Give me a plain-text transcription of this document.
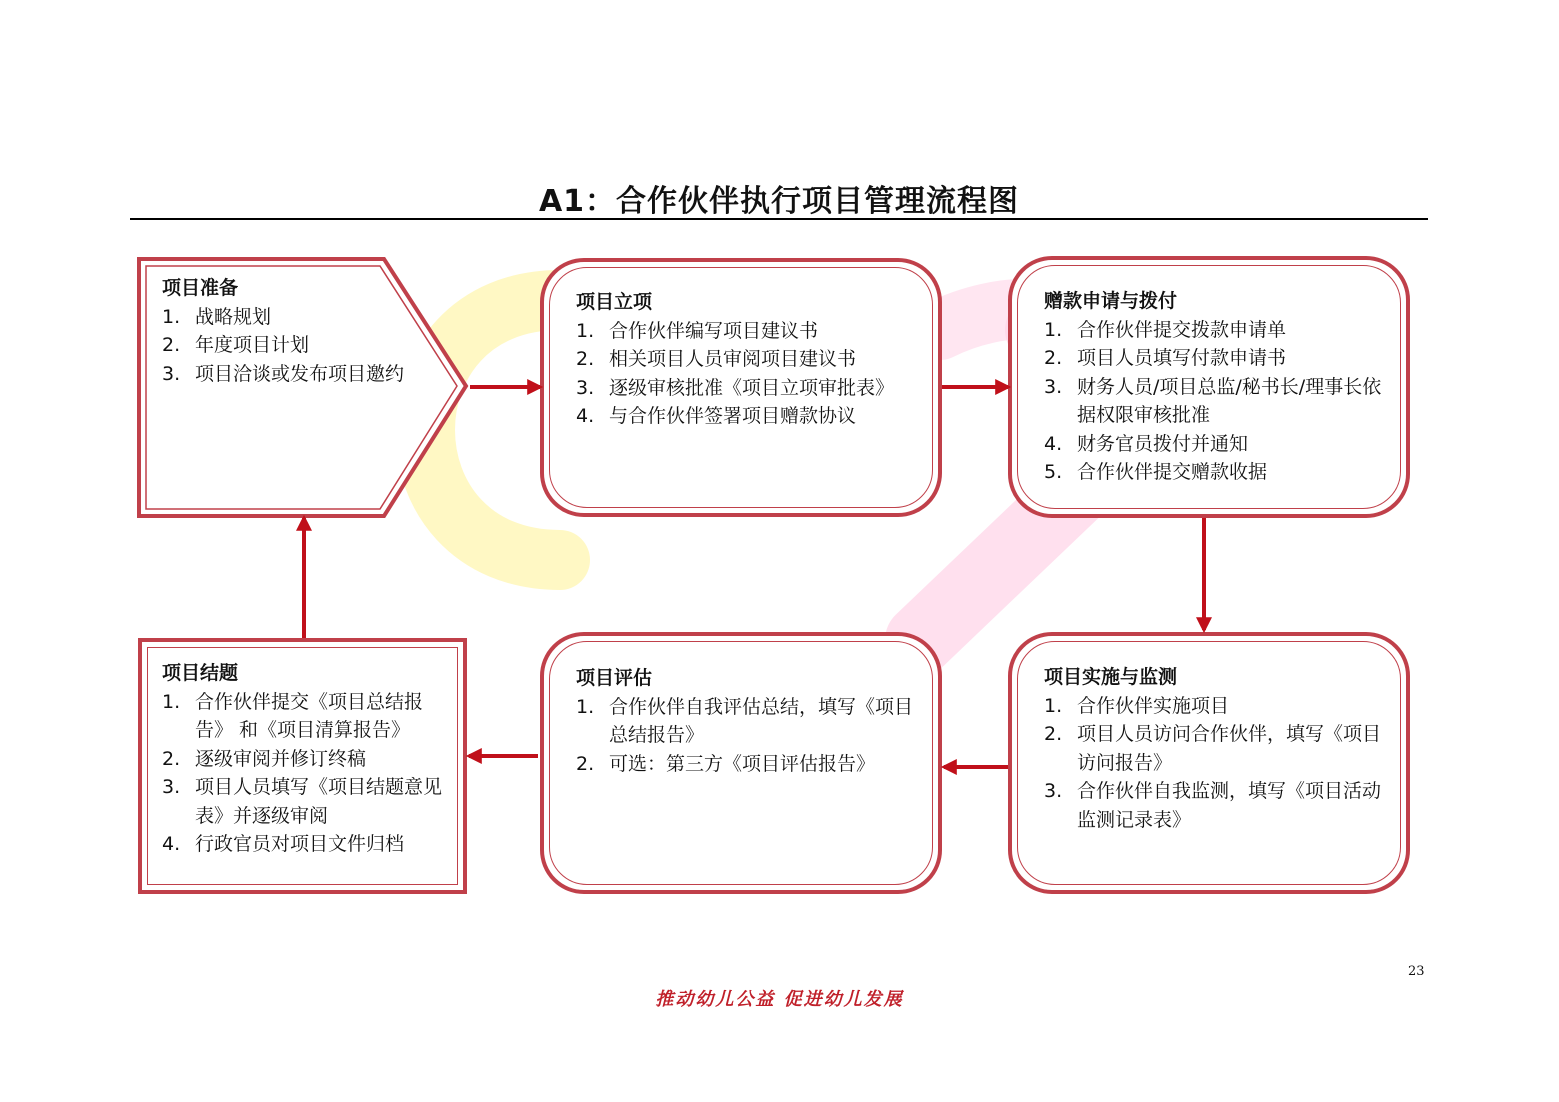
A1：合作伙伴执行项目管理流程图
项目准备
1. 战略规划
2. 年度项目计划
3. 项目洽谈或发布项目邀约
项目立项
1. 合作伙伴编写项目建议书
2. 相关项目人员审阅项目建议书
3. 逐级审核批准《项目立项审批表》
4. 与合作伙伴签署项目赠款协议
赠款申请与拨付
1. 合作伙伴提交拨款申请单
2. 项目人员填写付款申请书
3. 财务人员/项目总监/秘书长/理事长依据权限审核批准
4. 财务官员拨付并通知
5. 合作伙伴提交赠款收据
项目实施与监测
1. 合作伙伴实施项目
2. 项目人员访问合作伙伴，填写《项目访问报告》
3. 合作伙伴自我监测，填写《项目活动监测记录表》
项目评估
1. 合作伙伴自我评估总结，填写《项目总结报告》
2. 可选：第三方《项目评估报告》
项目结题
1. 合作伙伴提交《项目总结报告》 和《项目清算报告》
2. 逐级审阅并修订终稿
3. 项目人员填写《项目结题意见表》并逐级审阅
4. 行政官员对项目文件归档
23
推动幼儿公益 促进幼儿发展
